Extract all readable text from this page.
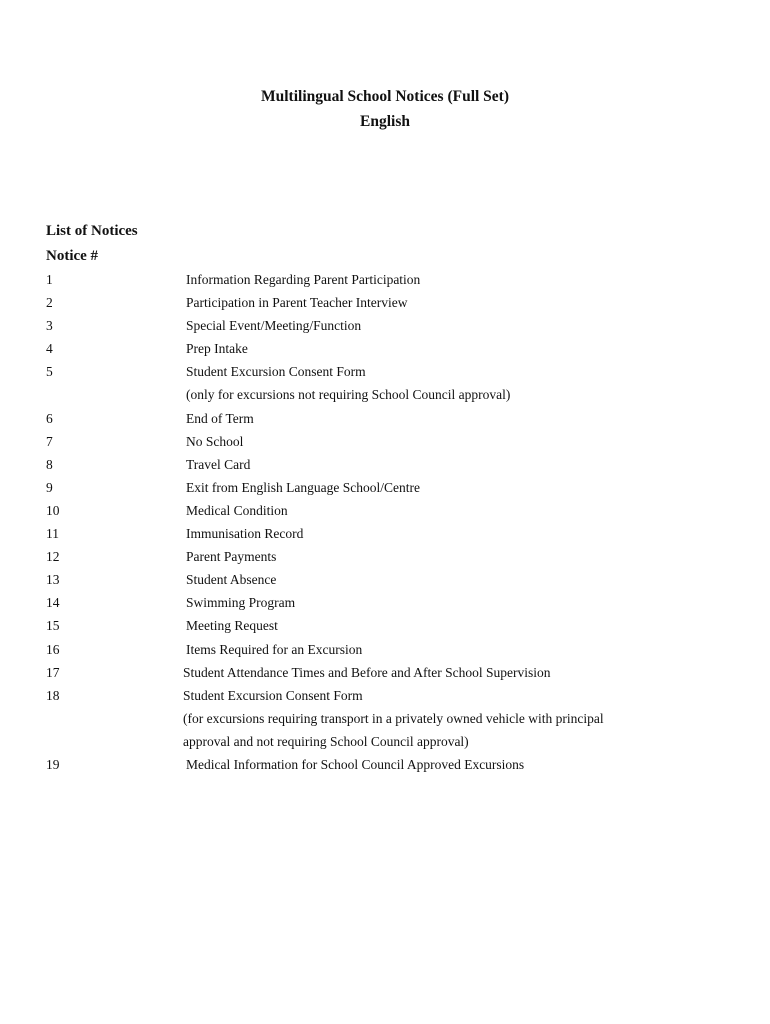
Multilingual School Notices (Full Set)
English
List of Notices
Notice #
1	Information Regarding Parent Participation
2	Participation in Parent Teacher Interview
3	Special Event/Meeting/Function
4	Prep Intake
5	Student Excursion Consent Form
(only for excursions not requiring School Council approval)
6	End of Term
7	No School
8	Travel Card
9	Exit from English Language School/Centre
10	Medical Condition
11	Immunisation Record
12	Parent Payments
13	Student Absence
14	Swimming Program
15	Meeting Request
16	Items Required for an Excursion
17	Student Attendance Times and Before and After School Supervision
18	Student Excursion Consent Form
(for excursions requiring transport in a privately owned vehicle with principal
approval and not requiring School Council approval)
19	Medical Information for School Council Approved Excursions
